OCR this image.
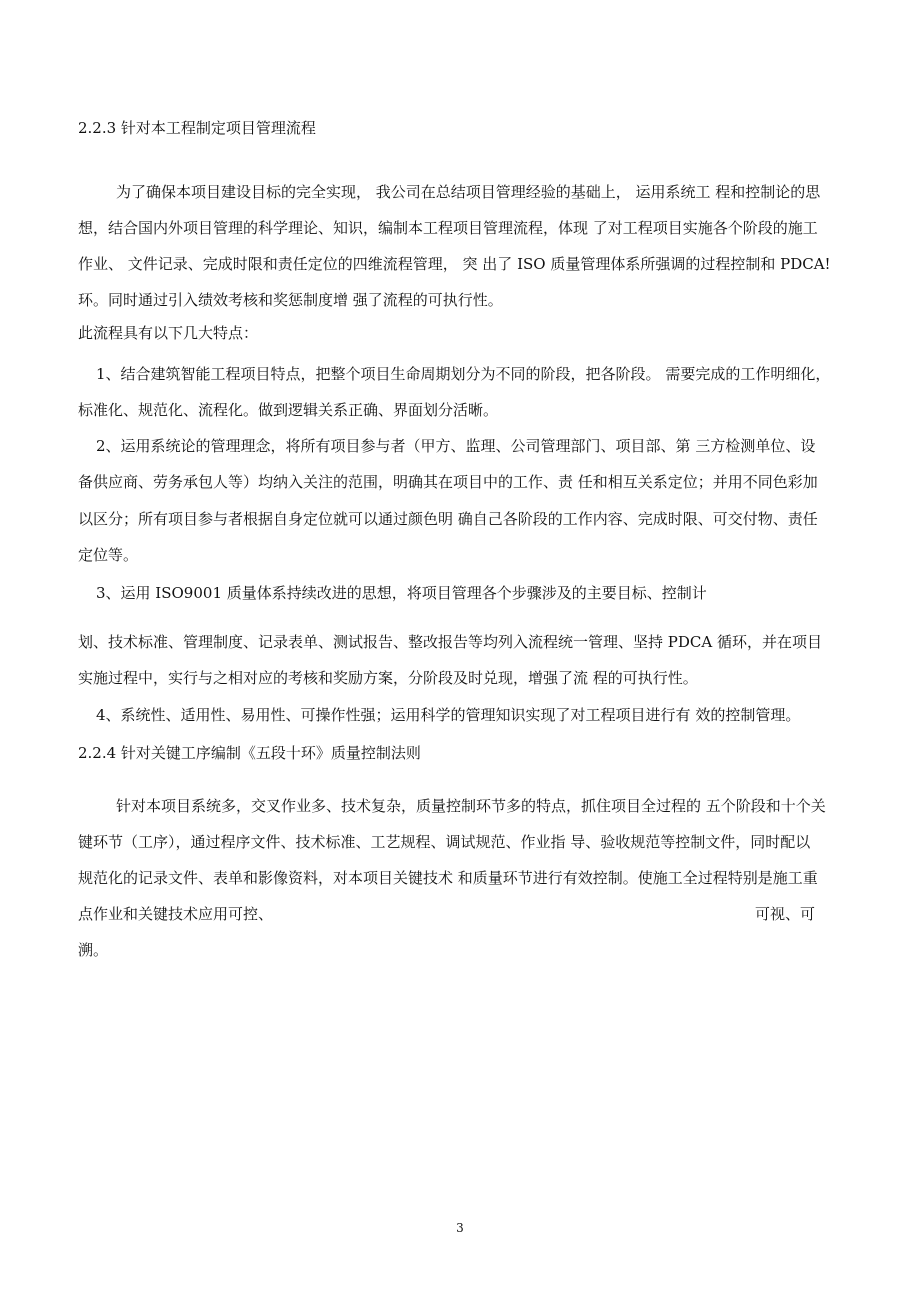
2.2.3 针对本工程制定项目管理流程
为了确保本项目建设目标的完全实现， 我公司在总结项目管理经验的基础上， 运用系统工 程和控制论的思
想，结合国内外项目管理的科学理论、知识，编制本工程项目管理流程，体现 了对工程项目实施各个阶段的施工
作业、 文件记录、完成时限和责任定位的四维流程管理， 突 出了 ISO 质量管理体系所强调的过程控制和 PDCA!
环。同时通过引入绩效考核和奖惩制度增 强了流程的可执行性。
此流程具有以下几大特点：
1、结合建筑智能工程项目特点，把整个项目生命周期划分为不同的阶段，把各阶段。 需要完成的工作明细化，
标准化、规范化、流程化。做到逻辑关系正确、界面划分活晰。
2、运用系统论的管理理念，将所有项目参与者（甲方、监理、公司管理部门、项目部、第 三方检测单位、设
备供应商、劳务承包人等）均纳入关注的范围，明确其在项目中的工作、责 任和相互关系定位；并用不同色彩加
以区分；所有项目参与者根据自身定位就可以通过颜色明 确自己各阶段的工作内容、完成时限、可交付物、责任
定位等。
3、运用 ISO9001 质量体系持续改进的思想，将项目管理各个步骤涉及的主要目标、控制计
划、技术标准、管理制度、记录表单、测试报告、整改报告等均列入流程统一管理、坚持 PDCA 循环，并在项目
实施过程中，实行与之相对应的考核和奖励方案，分阶段及时兑现，增强了流 程的可执行性。
4、系统性、适用性、易用性、可操作性强；运用科学的管理知识实现了对工程项目进行有 效的控制管理。
2.2.4 针对关键工序编制《五段十环》质量控制法则
针对本项目系统多，交叉作业多、技术复杂，质量控制环节多的特点，抓住项目全过程的 五个阶段和十个关
键环节（工序），通过程序文件、技术标准、工艺规程、调试规范、作业指 导、验收规范等控制文件，同时配以
规范化的记录文件、表单和影像资料，对本项目关键技术 和质量环节进行有效控制。使施工全过程特别是施工重
点作业和关键技术应用可控、	可视、可
溯。
3
